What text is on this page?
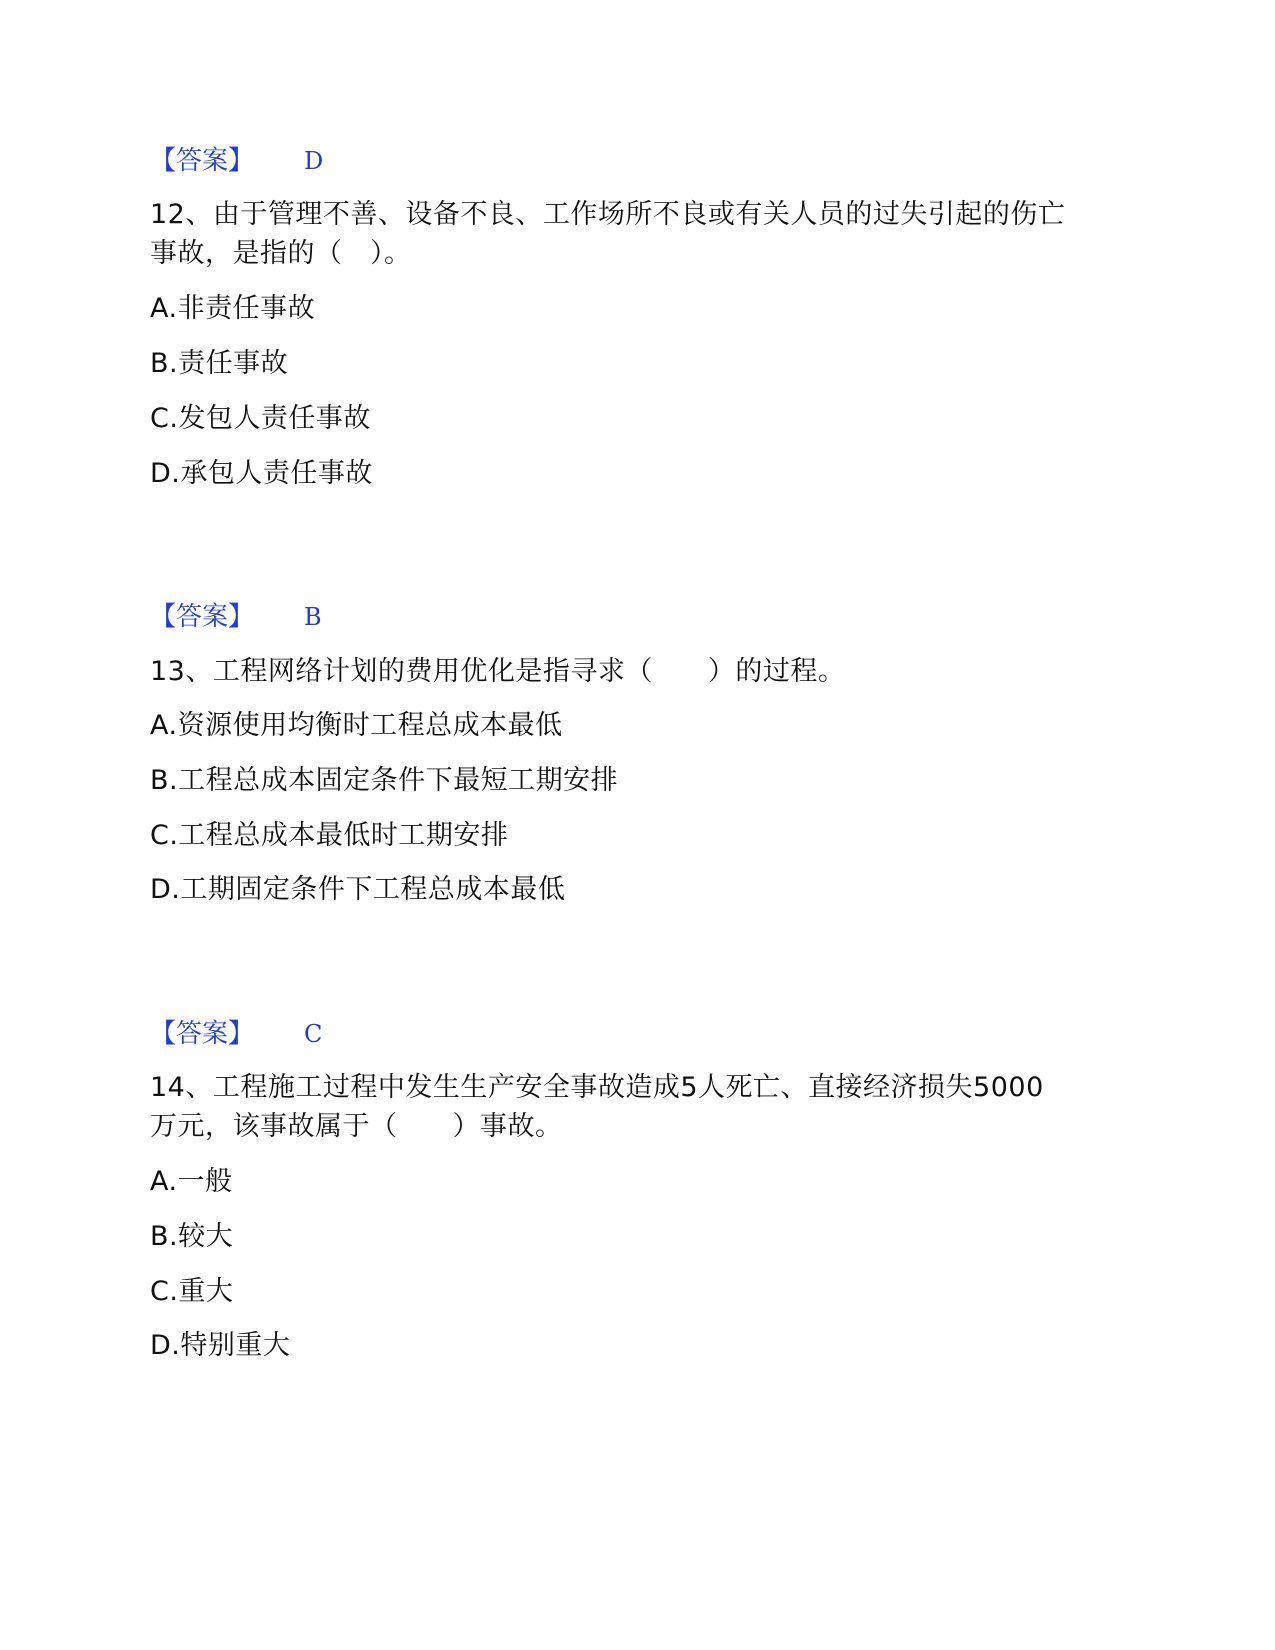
【答案】 D
12、由于管理不善、设备不良、工作场所不良或有关人员的过失引起的伤亡
事故，是指的（　）。
A.非责任事故
B.责任事故
C.发包人责任事故
D.承包人责任事故
【答案】 B
13、工程网络计划的费用优化是指寻求（　　）的过程。
A.资源使用均衡时工程总成本最低
B.工程总成本固定条件下最短工期安排
C.工程总成本最低时工期安排
D.工期固定条件下工程总成本最低
【答案】 C
14、工程施工过程中发生生产安全事故造成5人死亡、直接经济损失5000
万元，该事故属于（　　）事故。
A.一般
B.较大
C.重大
D.特别重大
